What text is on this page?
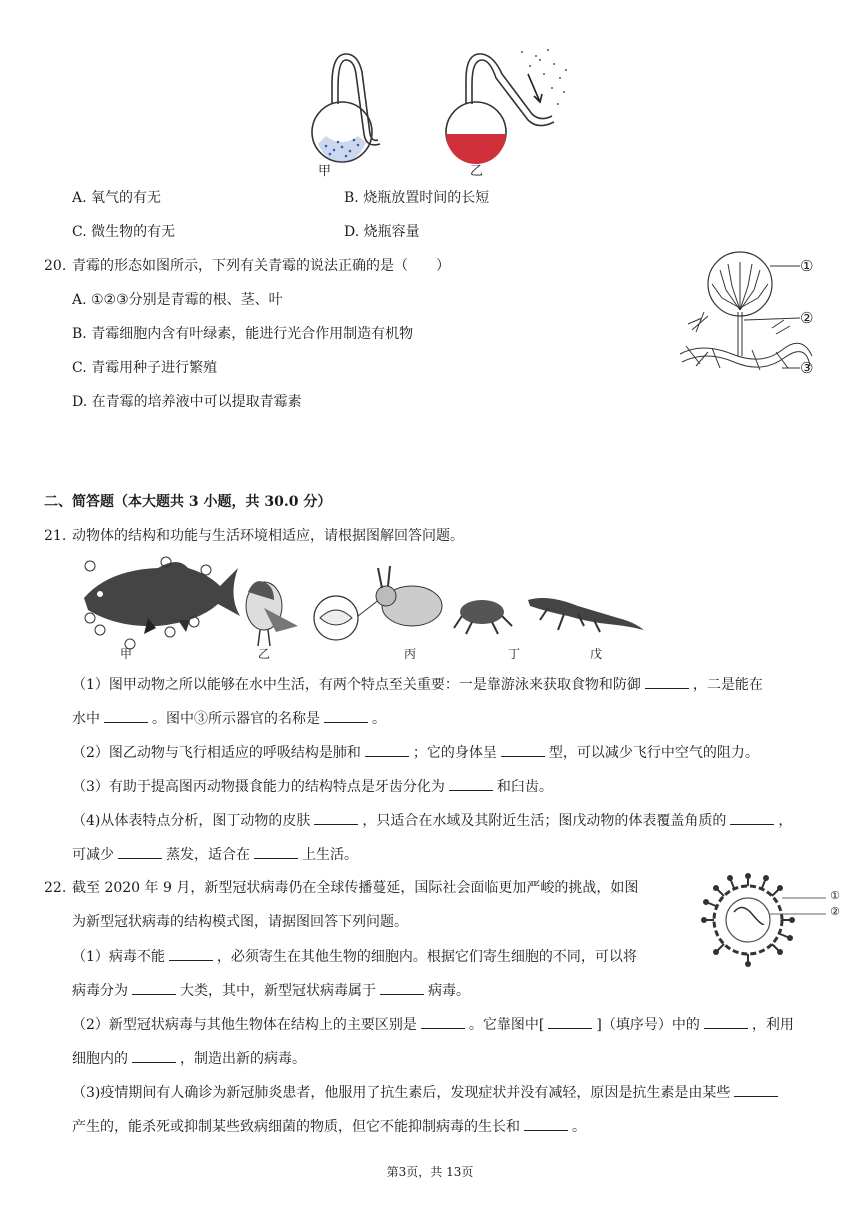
甲	乙
A. 氧气的有无	B. 烧瓶放置时间的长短
C. 微生物的有无	D. 烧瓶容量
20. 青霉的形态如图所示，下列有关青霉的说法正确的是（　　）
A. ①②③分别是青霉的根、茎、叶
B. 青霉细胞内含有叶绿素，能进行光合作用制造有机物
C. 青霉用种子进行繁殖
D. 在青霉的培养液中可以提取青霉素
①
②
③
二、简答题（本大题共 3 小题，共 30.0 分）
21. 动物体的结构和功能与生活环境相适应，请根据图解回答问题。
甲	乙	丙	丁	戊
（1）图甲动物之所以能够在水中生活，有两个特点至关重要：一是靠游泳来获取食物和防御	，二是能在
水中	。图中③所示器官的名称是	。
（2）图乙动物与飞行相适应的呼吸结构是肺和	；它的身体呈	型，可以减少飞行中空气的阻力。
（3）有助于提高图丙动物摄食能力的结构特点是牙齿分化为	和臼齿。
（4)从体表特点分析，图丁动物的皮肤	，只适合在水域及其附近生活；图戊动物的体表覆盖角质的	，
可减少	蒸发，适合在	上生活。
22. 截至 2020 年 9 月，新型冠状病毒仍在全球传播蔓延，国际社会面临更加严峻的挑战，如图
为新型冠状病毒的结构模式图，请据图回答下列问题。
①
②
（1）病毒不能	，必须寄生在其他生物的细胞内。根据它们寄生细胞的不同，可以将
病毒分为	大类，其中，新型冠状病毒属于	病毒。
（2）新型冠状病毒与其他生物体在结构上的主要区别是	。它靠图中[	]（填序号）中的	，利用
细胞内的	，制造出新的病毒。
（3)疫情期间有人确诊为新冠肺炎患者，他服用了抗生素后，发现症状并没有减轻，原因是抗生素是由某些
产生的，能杀死或抑制某些致病细菌的物质，但它不能抑制病毒的生长和	。
第3页，共 13页
